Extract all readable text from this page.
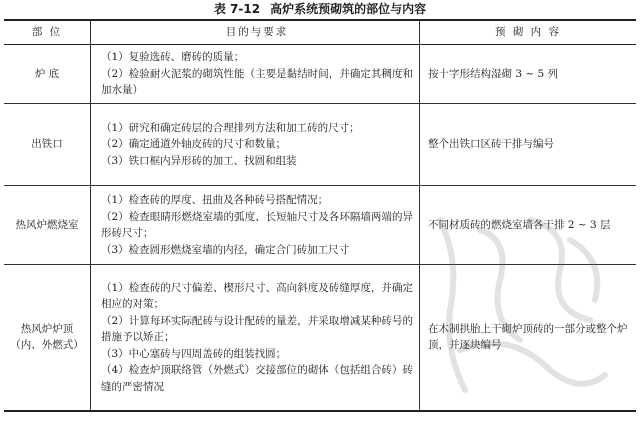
表 7-12 高炉系统预砌筑的部位与内容
部 位	目的与要求	预 砌 内 容
炉 底	（1）复验选砖、磨砖的质量；
（2）检验耐火泥浆的砌筑性能（主要是黏结时间，并确定其稠度和加水量）	按十字形结构湿砌 3 ~ 5 列
出铁口	（1）研究和确定砖层的合理排列方法和加工砖的尺寸；
（2）确定通道外轴皮砖的尺寸和数量；
（3）铁口框内异形砖的加工、找圆和组装	整个出铁口区砖干排与编号
热风炉燃烧室	（1）检查砖的厚度、扭曲及各种砖号搭配情况；
（2）检查眼睛形燃烧室墙的弧度、长短轴尺寸及各环隔墙两端的异形砖尺寸；
（3）检查圆形燃烧室墙的内径，确定合门砖加工尺寸	不同材质砖的燃烧室墙各干排 2 ~ 3 层
热风炉炉顶
（内、外燃式）	（1）检查砖的尺寸偏差、楔形尺寸、高向斜度及砖缝厚度，并确定相应的对策；
（2）计算每环实际配砖与设计配砖的量差，并采取增减某种砖号的措施予以矫正；
（3）中心塞砖与四周盖砖的组装找圆；
（4）检查炉顶联络管（外燃式）交接部位的砌体（包括组合砖）砖缝的严密情况	在木制拱胎上干砌炉顶砖的一部分或整个炉顶，并逐块编号
